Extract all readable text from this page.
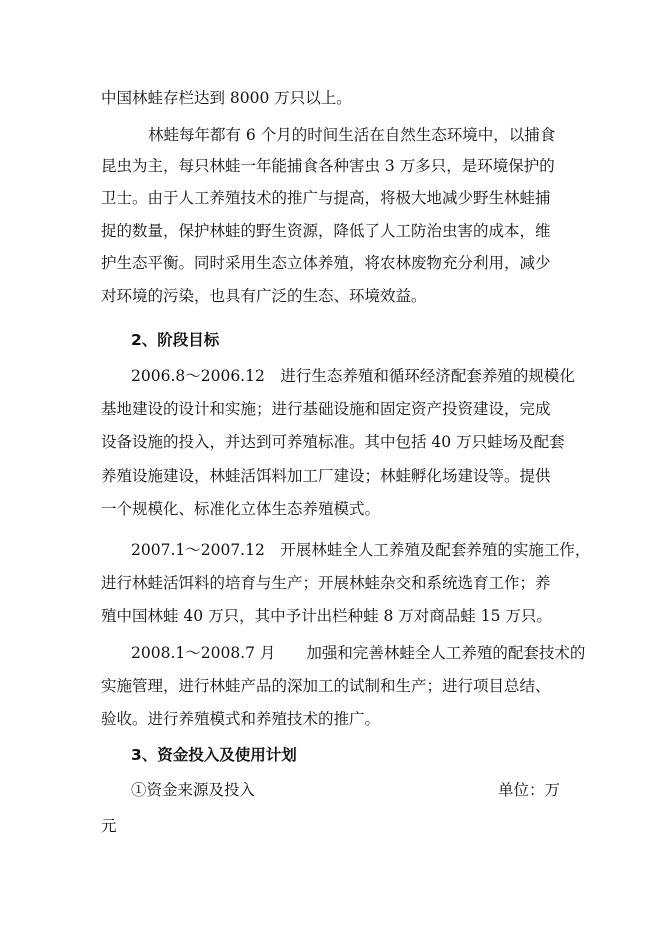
中国林蛙存栏达到 8000 万只以上。
林蛙每年都有 6 个月的时间生活在自然生态环境中，以捕食
昆虫为主，每只林蛙一年能捕食各种害虫 3 万多只，是环境保护的
卫士。由于人工养殖技术的推广与提高，将极大地减少野生林蛙捕
捉的数量，保护林蛙的野生资源，降低了人工防治虫害的成本，维
护生态平衡。同时采用生态立体养殖，将农林废物充分利用，减少
对环境的污染，也具有广泛的生态、环境效益。
2、阶段目标
2006.8～2006.12　进行生态养殖和循环经济配套养殖的规模化
基地建设的设计和实施；进行基础设施和固定资产投资建设，完成
设备设施的投入，并达到可养殖标准。其中包括 40 万只蛙场及配套
养殖设施建设，林蛙活饵料加工厂建设；林蛙孵化场建设等。提供
一个规模化、标准化立体生态养殖模式。
2007.1～2007.12　开展林蛙全人工养殖及配套养殖的实施工作，
进行林蛙活饵料的培育与生产；开展林蛙杂交和系统选育工作；养
殖中国林蛙 40 万只，其中予计出栏种蛙 8 万对商品蛙 15 万只。
2008.1～2008.7 月　　加强和完善林蛙全人工养殖的配套技术的
实施管理，进行林蛙产品的深加工的试制和生产；进行项目总结、
验收。进行养殖模式和养殖技术的推广。
3、资金投入及使用计划
①资金来源及投入	单位：万
元
